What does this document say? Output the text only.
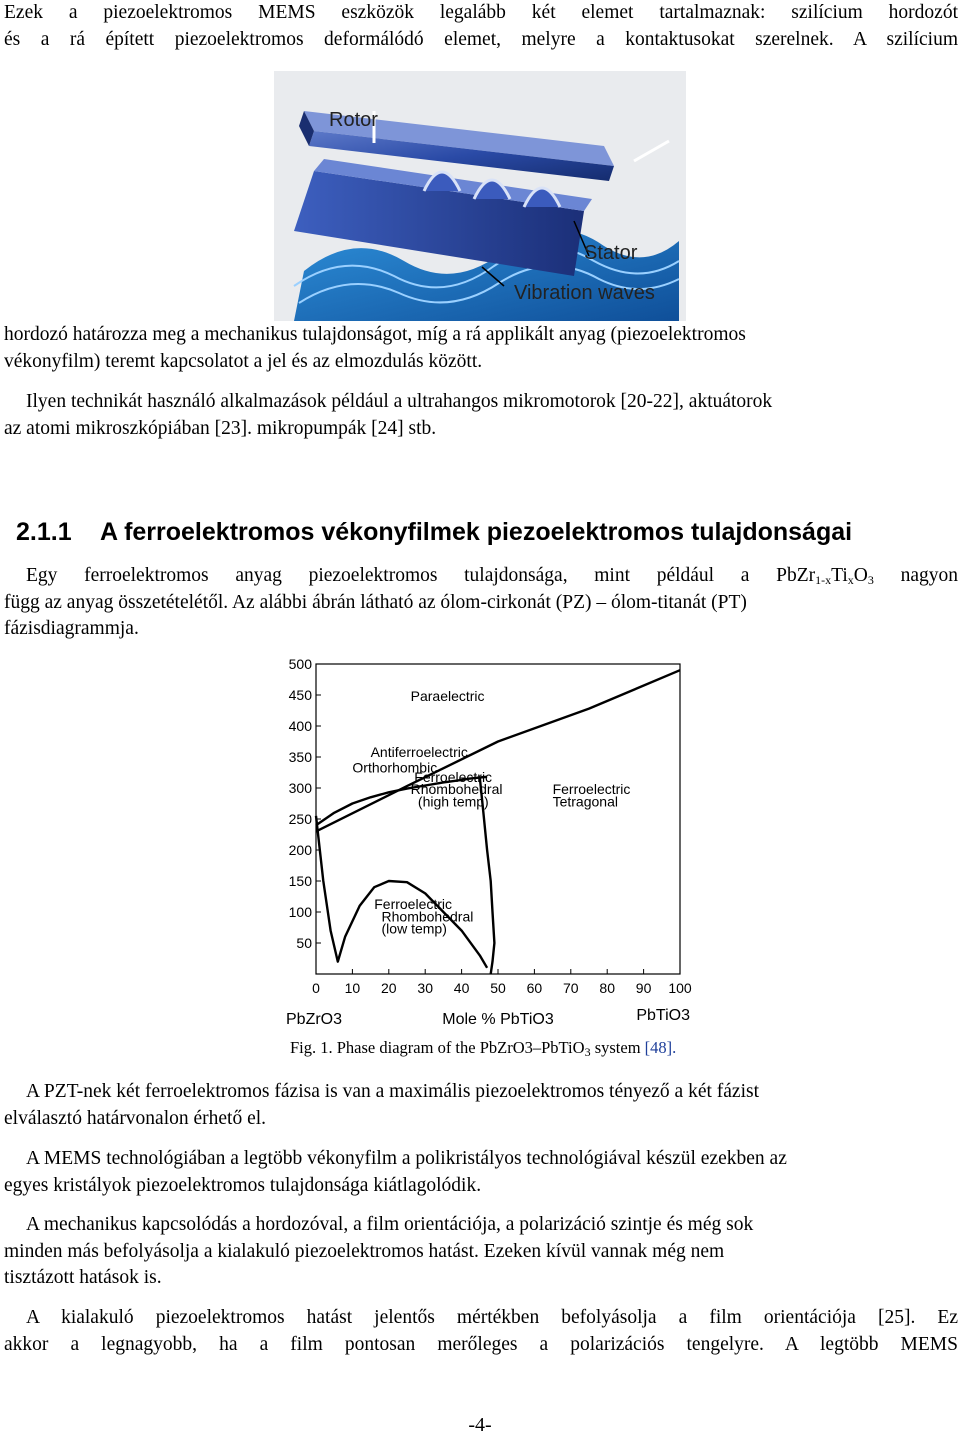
Ezek a piezoelektromos MEMS eszközök legalább két elemet tartalmaznak: szilícium hordozót
és a rá épített piezoelektromos deformálódó elemet, melyre a kontaktusokat szerelnek. A szilícium
Rotor
Stator
Vibration waves
hordozó határozza meg a mechanikus tulajdonságot, míg a rá applikált anyag (piezoelektromos
vékonyfilm) teremt kapcsolatot a jel és az elmozdulás között.
Ilyen technikát használó alkalmazások például a ultrahangos mikromotorok [20-22], aktuátorok
az atomi mikroszkópiában [23]. mikropumpák [24] stb.
2.1.1 A ferroelektromos vékonyfilmek piezoelektromos tulajdonságai
Egy ferroelektromos anyag piezoelektromos tulajdonsága, mint például a $PbZr_{1-x}Ti_xO_3$ nagyon
függ az anyag összetételétől. Az alábbi ábrán látható az ólom-cirkonát (PZ) – ólom-titanát (PT)
fázisdiagrammja.
50
100
150
200
250
300
350
400
450
500
0 10 20 30 40 50 60 70 80 90 100
Paraelectric
Antiferroelectric
Orthorhombic
Ferroelectric
Rhombohedral
(high temp)
Ferroelectric
Tetragonal
Ferroelectric
Rhombohedral
(low temp)
Mole % PbTiO3
PbZrO3	PbTiO3
Fig. 1. Phase diagram of the PbZrO3–PbTiO$_3$ system [48].
A PZT-nek két ferroelektromos fázisa is van a maximális piezoelektromos tényező a két fázist
elválasztó határvonalon érhető el.
A MEMS technológiában a legtöbb vékonyfilm a polikristályos technológiával készül ezekben az
egyes kristályok piezoelektromos tulajdonsága kiátlagolódik.
A mechanikus kapcsolódás a hordozóval, a film orientációja, a polarizáció szintje és még sok
minden más befolyásolja a kialakuló piezoelektromos hatást. Ezeken kívül vannak még nem
tisztázott hatások is.
A kialakuló piezoelektromos hatást jelentős mértékben befolyásolja a film orientációja [25]. Ez
akkor a legnagyobb, ha a film pontosan merőleges a polarizációs tengelyre. A legtöbb MEMS
-4-
